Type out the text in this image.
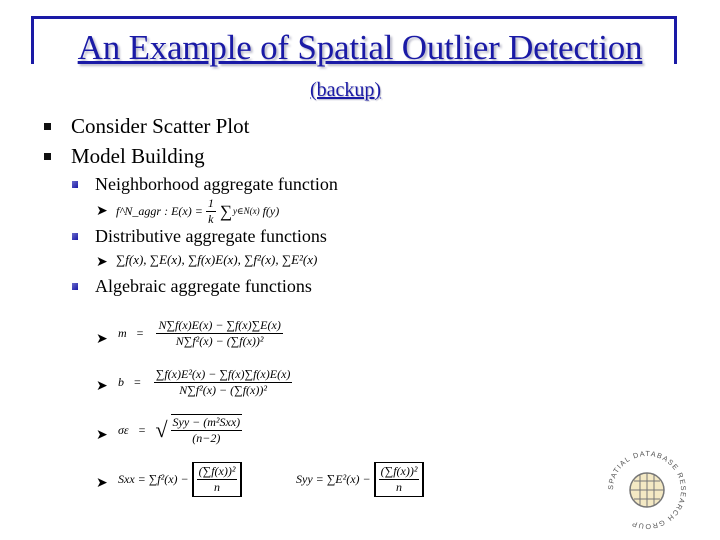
An Example of Spatial Outlier Detection
(backup)
Consider Scatter Plot
Model Building
Neighborhood aggregate function
➤ f^N_aggr : $E(x) = \frac{1}{k}$ ∑ y∈N(x) f(y)
Distributive aggregate functions
➤ ∑f(x), ∑E(x), ∑f(x)E(x), ∑f²(x), ∑E²(x)
Algebraic aggregate functions
➤ $m = \frac{N\sum f(x)E(x) - \sum f(x)\sum E(x)}{\text{N∑f²(x) − (∑f(x))²}}$
➤ $b = \frac{\text{∑f(x)E²(x) − ∑f(x)∑f(x)E(x)}}{\text{N∑f²(x) − (∑f(x))²}}$
➤ σε = √ $\frac{\text{Syy − (m²Sxx)}}{(n-2)}$
➤ Sxx = $\sum f^2(x) - \frac{\text{(∑f(x))²}}{n}$	Syy = $\sum E^2(x) - \frac{\text{(∑f(x))²}}{n}$	SPATIAL DATABASE RESEARCH GROUP
